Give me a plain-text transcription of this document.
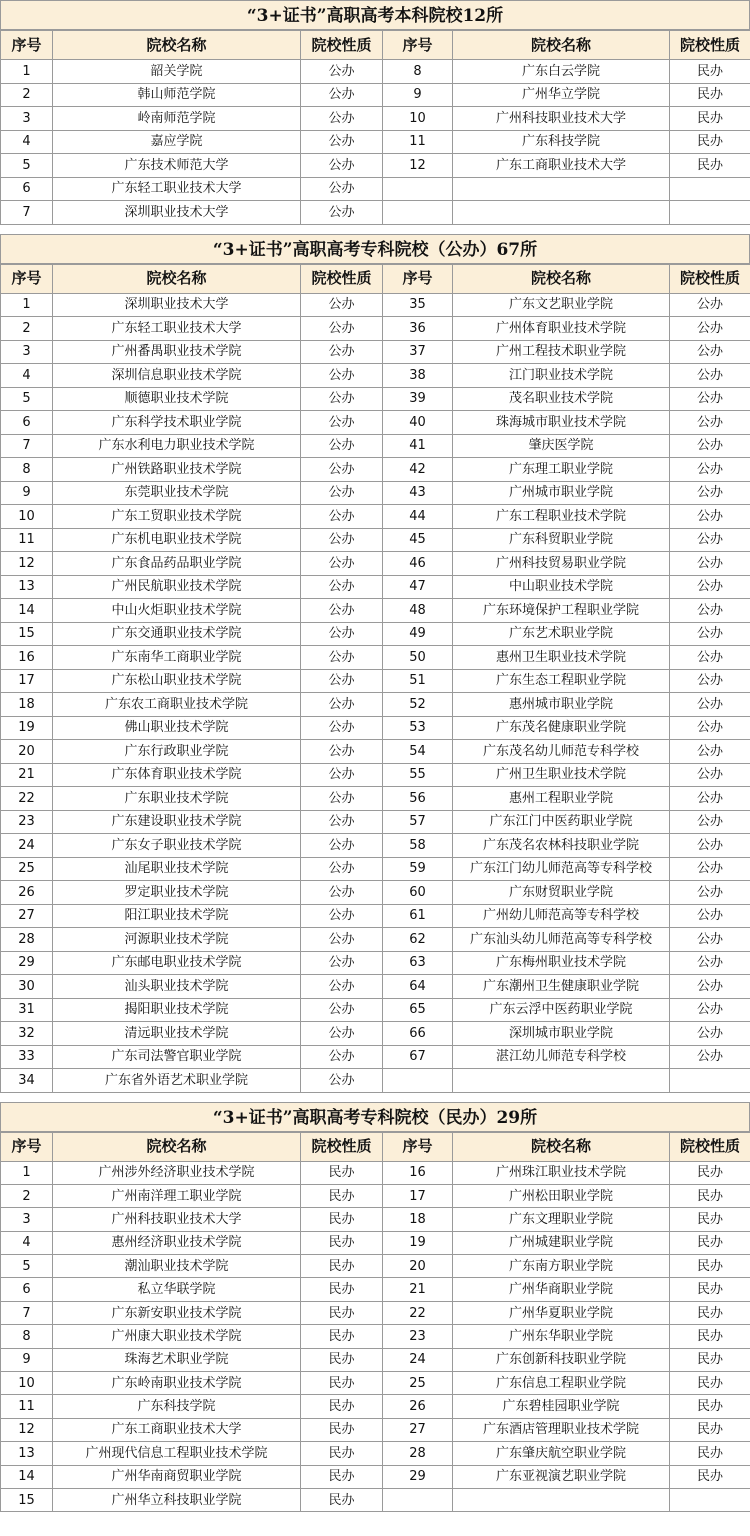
“3+证书”高职高考本科院校12所
序号	院校名称	院校性质	序号	院校名称	院校性质
1	韶关学院	公办	8	广东白云学院	民办
2	韩山师范学院	公办	9	广州华立学院	民办
3	岭南师范学院	公办	10	广州科技职业技术大学	民办
4	嘉应学院	公办	11	广东科技学院	民办
5	广东技术师范大学	公办	12	广东工商职业技术大学	民办
6	广东轻工职业技术大学	公办			
7	深圳职业技术大学	公办			
“3+证书”高职高考专科院校（公办）67所
序号	院校名称	院校性质	序号	院校名称	院校性质
1	深圳职业技术大学	公办	35	广东文艺职业学院	公办
2	广东轻工职业技术大学	公办	36	广州体育职业技术学院	公办
3	广州番禺职业技术学院	公办	37	广州工程技术职业学院	公办
4	深圳信息职业技术学院	公办	38	江门职业技术学院	公办
5	顺德职业技术学院	公办	39	茂名职业技术学院	公办
6	广东科学技术职业学院	公办	40	珠海城市职业技术学院	公办
7	广东水利电力职业技术学院	公办	41	肇庆医学院	公办
8	广州铁路职业技术学院	公办	42	广东理工职业学院	公办
9	东莞职业技术学院	公办	43	广州城市职业学院	公办
10	广东工贸职业技术学院	公办	44	广东工程职业技术学院	公办
11	广东机电职业技术学院	公办	45	广东科贸职业学院	公办
12	广东食品药品职业学院	公办	46	广州科技贸易职业学院	公办
13	广州民航职业技术学院	公办	47	中山职业技术学院	公办
14	中山火炬职业技术学院	公办	48	广东环境保护工程职业学院	公办
15	广东交通职业技术学院	公办	49	广东艺术职业学院	公办
16	广东南华工商职业学院	公办	50	惠州卫生职业技术学院	公办
17	广东松山职业技术学院	公办	51	广东生态工程职业学院	公办
18	广东农工商职业技术学院	公办	52	惠州城市职业学院	公办
19	佛山职业技术学院	公办	53	广东茂名健康职业学院	公办
20	广东行政职业学院	公办	54	广东茂名幼儿师范专科学校	公办
21	广东体育职业技术学院	公办	55	广州卫生职业技术学院	公办
22	广东职业技术学院	公办	56	惠州工程职业学院	公办
23	广东建设职业技术学院	公办	57	广东江门中医药职业学院	公办
24	广东女子职业技术学院	公办	58	广东茂名农林科技职业学院	公办
25	汕尾职业技术学院	公办	59	广东江门幼儿师范高等专科学校	公办
26	罗定职业技术学院	公办	60	广东财贸职业学院	公办
27	阳江职业技术学院	公办	61	广州幼儿师范高等专科学校	公办
28	河源职业技术学院	公办	62	广东汕头幼儿师范高等专科学校	公办
29	广东邮电职业技术学院	公办	63	广东梅州职业技术学院	公办
30	汕头职业技术学院	公办	64	广东潮州卫生健康职业学院	公办
31	揭阳职业技术学院	公办	65	广东云浮中医药职业学院	公办
32	清远职业技术学院	公办	66	深圳城市职业学院	公办
33	广东司法警官职业学院	公办	67	湛江幼儿师范专科学校	公办
34	广东省外语艺术职业学院	公办			
“3+证书”高职高考专科院校（民办）29所
序号	院校名称	院校性质	序号	院校名称	院校性质
1	广州涉外经济职业技术学院	民办	16	广州珠江职业技术学院	民办
2	广州南洋理工职业学院	民办	17	广州松田职业学院	民办
3	广州科技职业技术大学	民办	18	广东文理职业学院	民办
4	惠州经济职业技术学院	民办	19	广州城建职业学院	民办
5	潮汕职业技术学院	民办	20	广东南方职业学院	民办
6	私立华联学院	民办	21	广州华商职业学院	民办
7	广东新安职业技术学院	民办	22	广州华夏职业学院	民办
8	广州康大职业技术学院	民办	23	广州东华职业学院	民办
9	珠海艺术职业学院	民办	24	广东创新科技职业学院	民办
10	广东岭南职业技术学院	民办	25	广东信息工程职业学院	民办
11	广东科技学院	民办	26	广东碧桂园职业学院	民办
12	广东工商职业技术大学	民办	27	广东酒店管理职业技术学院	民办
13	广州现代信息工程职业技术学院	民办	28	广东肇庆航空职业学院	民办
14	广州华南商贸职业学院	民办	29	广东亚视演艺职业学院	民办
15	广州华立科技职业学院	民办			
